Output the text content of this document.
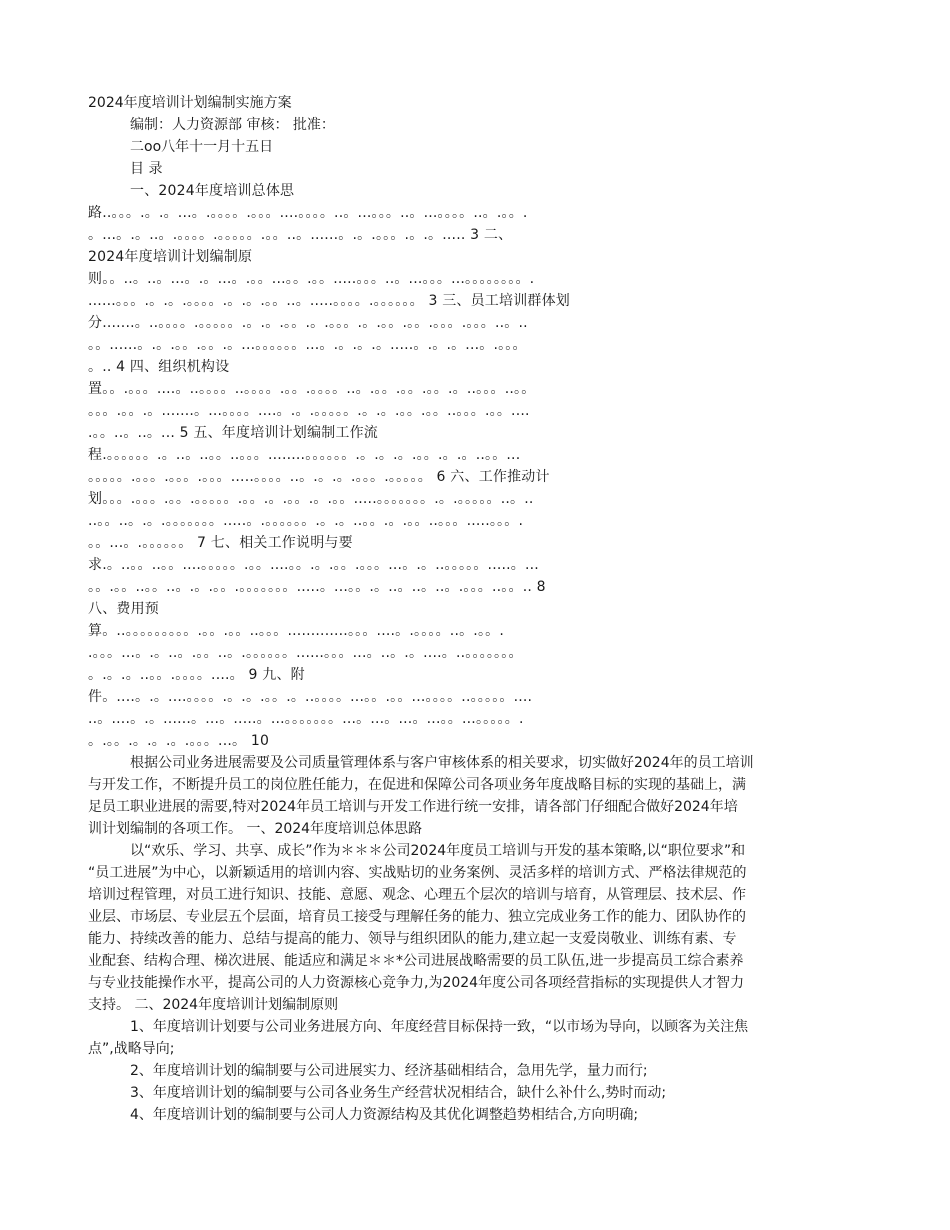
2024年度培训计划编制实施方案
编制：人力资源部 审核： 批准：
二oo八年十一月十五日
目 录
一、2024年度培训总体思
路..。。。.。.。...。.。。。。.。。。....。。。。..。...。。。..。...。。。。..。.。。.
。...。.。..。.。。。。.。。。。。.。。..。......。.。.。。。.。.。..... 3 二、
2024年度培训计划编制原
则。。..。..。...。.。...。.。。...。。.。。.....。。。..。...。。。...。。。。。。。。.
......。。。.。.。.。。。。.。.。.。。..。.....。。。。.。。。。。。 3 三、员工培训群体划
分.......。..。。。。.。。。。。.。.。.。。.。.。。。.。.。。.。。.。。。.。。。..。..
。。......。.。.。。.。。.。...。。。。。。...。.。.。.。.....。.。.。...。.。。。
。.. 4 四、组织机构设
置。。.。。。....。..。。。。..。。。。.。。.。。。。..。.。。.。。.。。.。..。。。..。。
。。。.。。.。.......。...。。。。....。.。.。。。。。.。.。.。。.。。..。。。.。。....
.。。..。..。... 5 五、年度培训计划编制工作流
程.。。。。。。.。..。..。。..。。。........。。。。。。.。.。.。.。。.。.。..。。...
。。。。。.。。。.。。。.。。。.....。。。。..。.。.。.。。。.。。。。。 6 六、工作推动计
划。。。.。。。.。。.。。。。。.。。.。.。。.。.。。.....。。。。。。。.。.。。。。。..。..
..。。..。.。.。。。。。。。.....。.。。。。。。.。.。..。。.。.。。..。。。.....。。。.
。。...。.。。。。。。 7 七、相关工作说明与要
求.。..。。..。。....。。。。。.。。....。。.。.。。.。。。...。.。..。。。。。.....。...
。。.。。..。。..。.。.。。.。。。。。。。.....。...。。.。..。..。..。.。。。..。。.. 8
八、费用预
算。..。。。。。。。。。.。。.。。..。。。.............。。。....。.。。。。..。.。。.
.。。。...。.。..。.。。..。.。。。。。。......。。。...。..。.。....。..。。。。。。。
。.。.。..。。.。。。。....。 9 九、附
件。....。.。....。。。。.。.。.。。.。..。。。。...。。.。。...。。。。..。。。。。....
..。....。.。......。...。.....。...。。。。。。。...。...。...。...。。...。。。。。.
。.。。.。.。.。.。。。...。 10
根据公司业务进展需要及公司质量管理体系与客户审核体系的相关要求，切实做好2024年的员工培训
与开发工作，不断提升员工的岗位胜任能力，在促进和保障公司各项业务年度战略目标的实现的基础上，满
足员工职业进展的需要,特对2024年员工培训与开发工作进行统一安排，请各部门仔细配合做好2024年培
训计划编制的各项工作。 一、2024年度培训总体思路
以“欢乐、学习、共享、成长”作为＊＊＊公司2024年度员工培训与开发的基本策略,以“职位要求”和
“员工进展”为中心，以新颖适用的培训内容、实战贴切的业务案例、灵活多样的培训方式、严格法律规范的
培训过程管理，对员工进行知识、技能、意愿、观念、心理五个层次的培训与培育，从管理层、技术层、作
业层、市场层、专业层五个层面，培育员工接受与理解任务的能力、独立完成业务工作的能力、团队协作的
能力、持续改善的能力、总结与提高的能力、领导与组织团队的能力,建立起一支爱岗敬业、训练有素、专
业配套、结构合理、梯次进展、能适应和满足＊＊*公司进展战略需要的员工队伍,进一步提高员工综合素养
与专业技能操作水平，提高公司的人力资源核心竞争力,为2024年度公司各项经营指标的实现提供人才智力
支持。 二、2024年度培训计划编制原则
1、年度培训计划要与公司业务进展方向、年度经营目标保持一致，“以市场为导向，以顾客为关注焦
点”,战略导向;
2、年度培训计划的编制要与公司进展实力、经济基础相结合，急用先学，量力而行;
3、年度培训计划的编制要与公司各业务生产经营状况相结合，缺什么补什么,势时而动;
4、年度培训计划的编制要与公司人力资源结构及其优化调整趋势相结合,方向明确;
